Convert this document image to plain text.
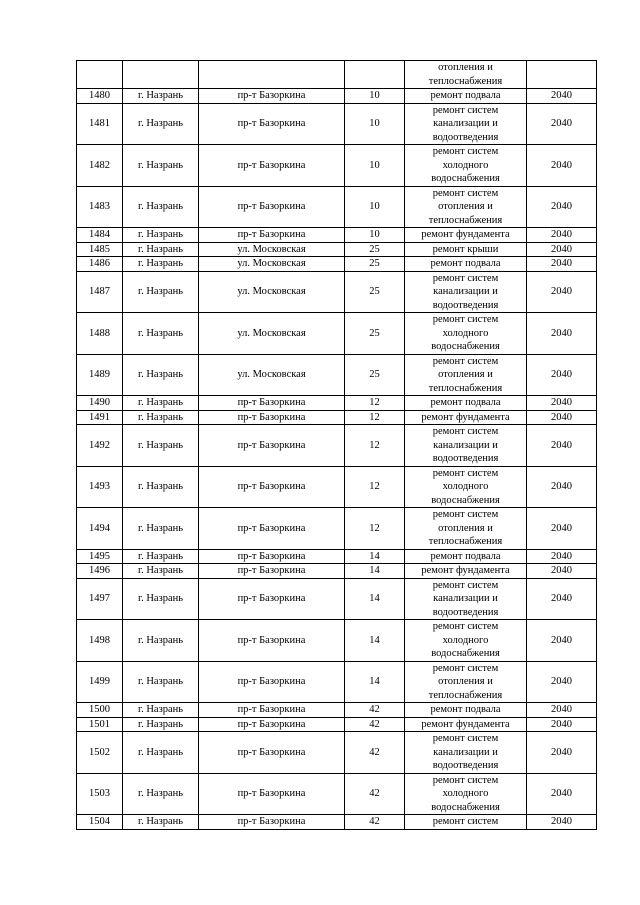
				отопления и
теплоснабжения	
1480	г. Назрань	пр-т Базоркина	10	ремонт подвала	2040
1481	г. Назрань	пр-т Базоркина	10	ремонт систем
канализации и
водоотведения	2040
1482	г. Назрань	пр-т Базоркина	10	ремонт систем
холодного
водоснабжения	2040
1483	г. Назрань	пр-т Базоркина	10	ремонт систем
отопления и
теплоснабжения	2040
1484	г. Назрань	пр-т Базоркина	10	ремонт фундамента	2040
1485	г. Назрань	ул. Московская	25	ремонт крыши	2040
1486	г. Назрань	ул. Московская	25	ремонт подвала	2040
1487	г. Назрань	ул. Московская	25	ремонт систем
канализации и
водоотведения	2040
1488	г. Назрань	ул. Московская	25	ремонт систем
холодного
водоснабжения	2040
1489	г. Назрань	ул. Московская	25	ремонт систем
отопления и
теплоснабжения	2040
1490	г. Назрань	пр-т Базоркина	12	ремонт подвала	2040
1491	г. Назрань	пр-т Базоркина	12	ремонт фундамента	2040
1492	г. Назрань	пр-т Базоркина	12	ремонт систем
канализации и
водоотведения	2040
1493	г. Назрань	пр-т Базоркина	12	ремонт систем
холодного
водоснабжения	2040
1494	г. Назрань	пр-т Базоркина	12	ремонт систем
отопления и
теплоснабжения	2040
1495	г. Назрань	пр-т Базоркина	14	ремонт подвала	2040
1496	г. Назрань	пр-т Базоркина	14	ремонт фундамента	2040
1497	г. Назрань	пр-т Базоркина	14	ремонт систем
канализации и
водоотведения	2040
1498	г. Назрань	пр-т Базоркина	14	ремонт систем
холодного
водоснабжения	2040
1499	г. Назрань	пр-т Базоркина	14	ремонт систем
отопления и
теплоснабжения	2040
1500	г. Назрань	пр-т Базоркина	42	ремонт подвала	2040
1501	г. Назрань	пр-т Базоркина	42	ремонт фундамента	2040
1502	г. Назрань	пр-т Базоркина	42	ремонт систем
канализации и
водоотведения	2040
1503	г. Назрань	пр-т Базоркина	42	ремонт систем
холодного
водоснабжения	2040
1504	г. Назрань	пр-т Базоркина	42	ремонт систем	2040
